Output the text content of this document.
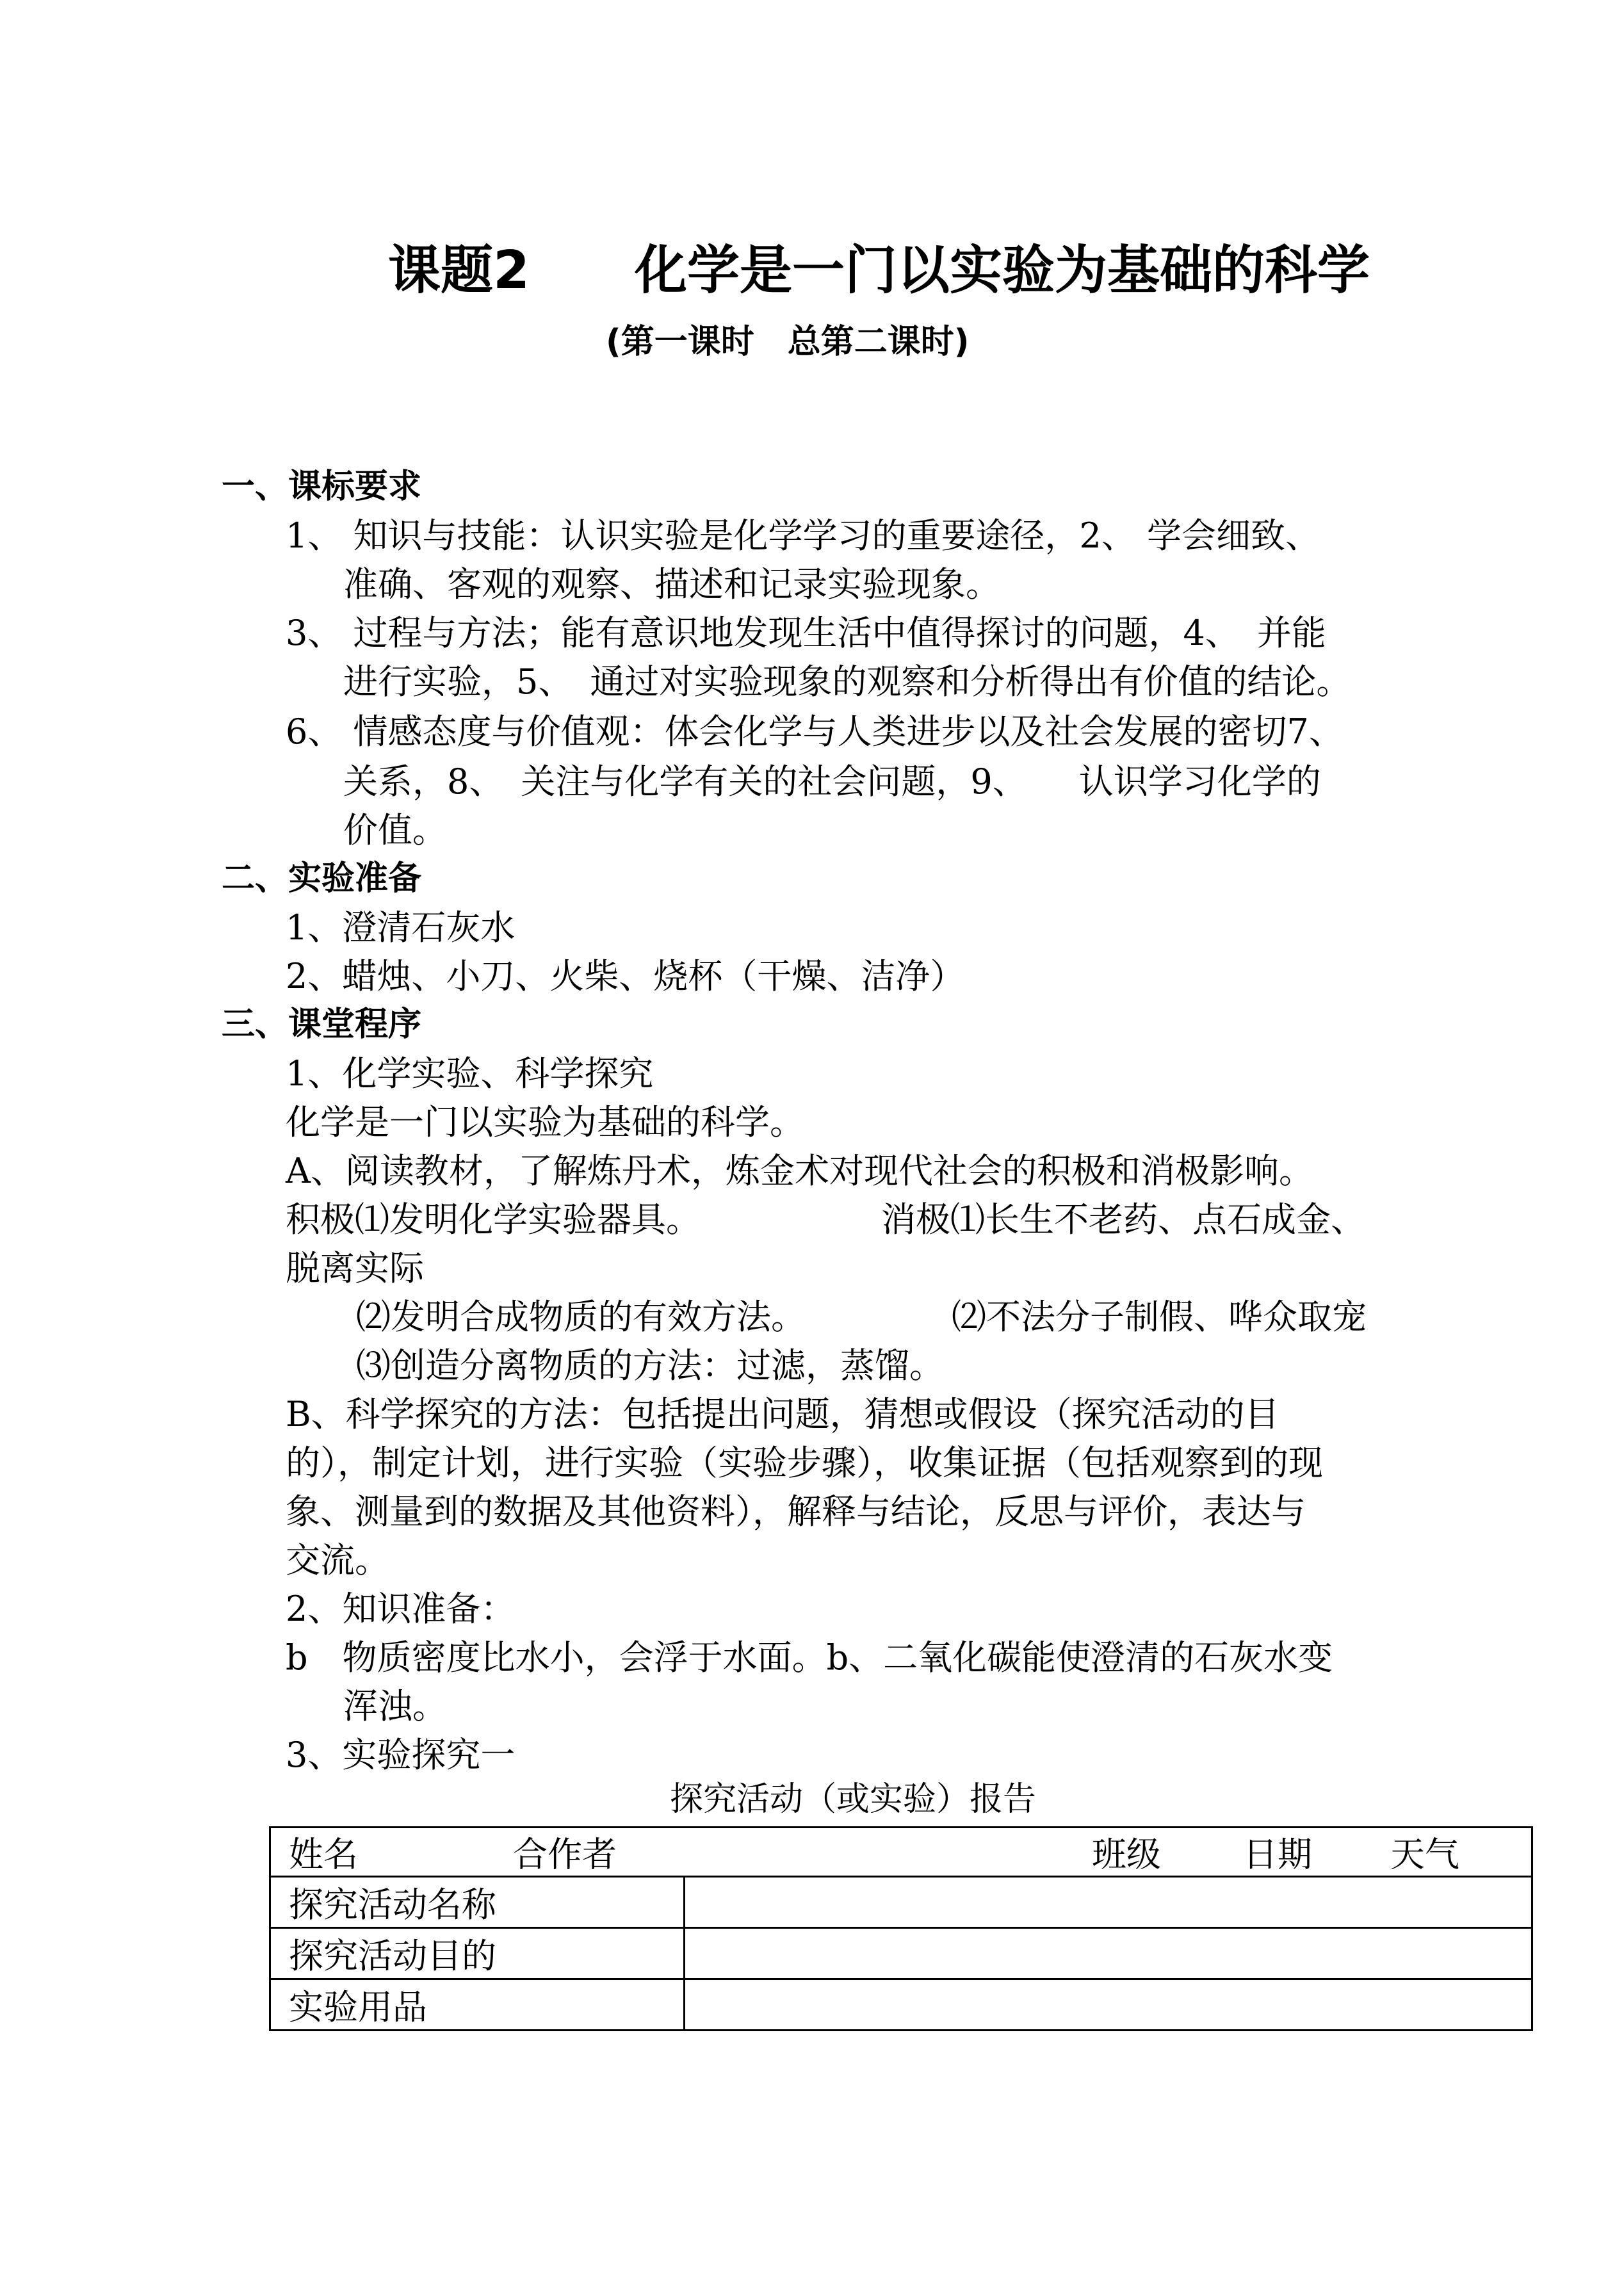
课题2　　化学是一门以实验为基础的科学
(第一课时　总第二课时)
一、课标要求
1、 知识与技能：认识实验是化学学习的重要途径，2、 学会细致、
准确、客观的观察、描述和记录实验现象。
3、 过程与方法；能有意识地发现生活中值得探讨的问题，4、　并能
进行实验，5、　通过对实验现象的观察和分析得出有价值的结论。
6、 情感态度与价值观：体会化学与人类进步以及社会发展的密切7、
关系，8、　关注与化学有关的社会问题，9、　　认识学习化学的
价值。
二、实验准备
1、澄清石灰水
2、蜡烛、小刀、火柴、烧杯（干燥、洁净）
三、课堂程序
1、化学实验、科学探究
化学是一门以实验为基础的科学。
A、阅读教材，了解炼丹术，炼金术对现代社会的积极和消极影响。
积极⑴发明化学实验器具。	消极⑴长生不老药、点石成金、
脱离实际
⑵发明合成物质的有效方法。	⑵不法分子制假、哗众取宠
⑶创造分离物质的方法：过滤，蒸馏。
B、科学探究的方法：包括提出问题，猜想或假设（探究活动的目
的），制定计划，进行实验（实验步骤），收集证据（包括观察到的现
象、测量到的数据及其他资料），解释与结论，反思与评价，表达与
交流。
2、知识准备：
b　物质密度比水小，会浮于水面。b、二氧化碳能使澄清的石灰水变
浑浊。
3、实验探究一
探究活动（或实验）报告
姓名 合作者 班级 日期 天气	

探究活动名称	
探究活动目的	
实验用品	
